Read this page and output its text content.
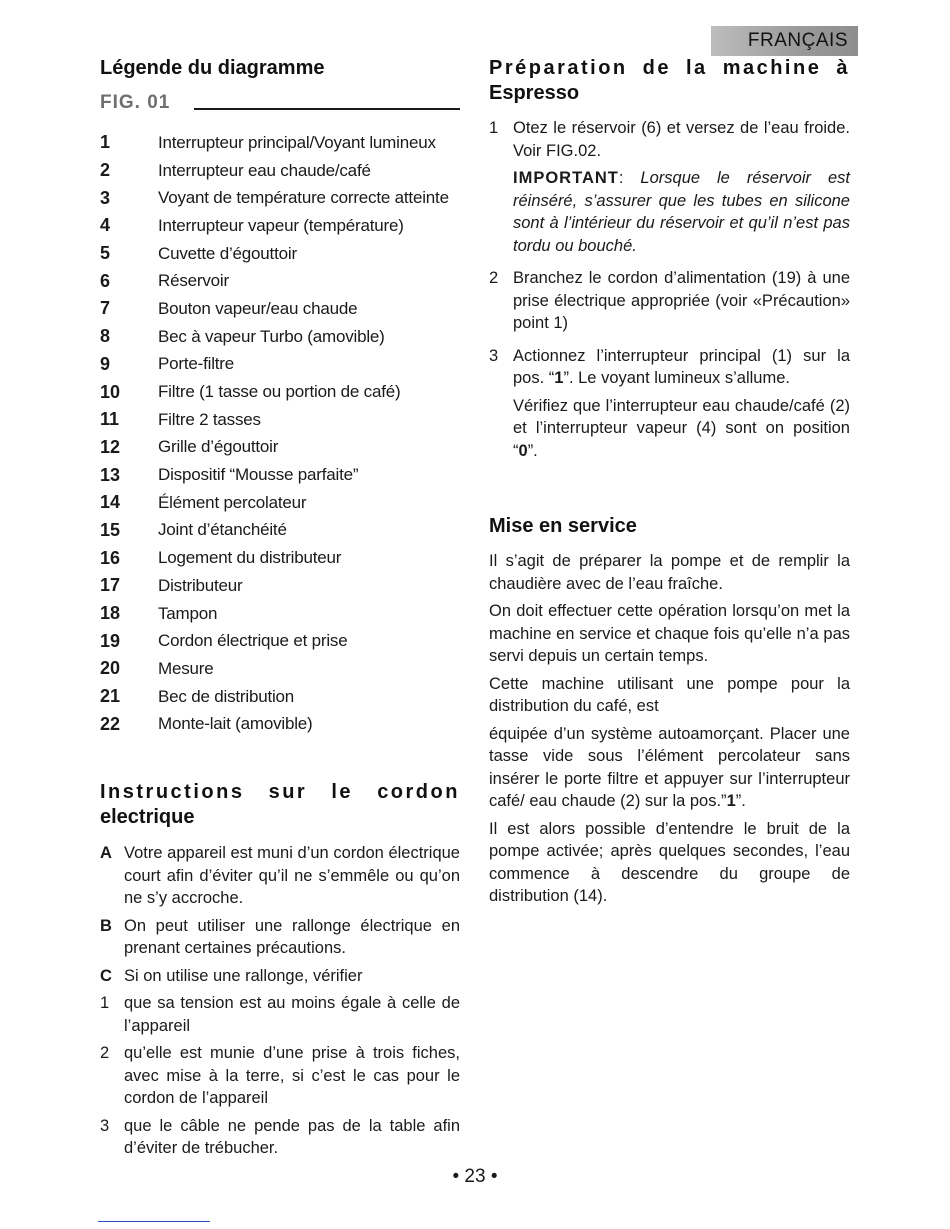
FRANÇAIS
Légende du diagramme
FIG. 01
1	Interrupteur principal/Voyant lumineux
2	Interrupteur eau chaude/café
3	Voyant de température correcte atteinte
4	Interrupteur vapeur (température)
5	Cuvette d’égouttoir
6	Réservoir
7	Bouton vapeur/eau chaude
8	Bec à vapeur Turbo (amovible)
9	Porte-filtre
10	Filtre (1 tasse ou portion de café)
11	Filtre 2 tasses
12	Grille d’égouttoir
13	Dispositif “Mousse parfaite”
14	Élément percolateur
15	Joint d’étanchéité
16	Logement du distributeur
17	Distributeur
18	Tampon
19	Cordon électrique et prise
20	Mesure
21	Bec de distribution
22	Monte-lait (amovible)
Instructions sur le cordon
electrique
A Votre appareil est muni d’un cordon électrique court afin d’éviter qu’il ne s’emmêle ou qu’on ne s’y accroche.
B On peut utiliser une rallonge électrique en prenant certaines précautions.
C Si on utilise une rallonge, vérifier
1 que sa tension est au moins égale à celle de l’appareil
2 qu’elle est munie d’une prise à trois fiches, avec mise à la terre, si c’est le cas pour le cordon de l’appareil
3 que le câble ne pende pas de la table afin d’éviter de trébucher.
Préparation de la machine à
Espresso
1 Otez le réservoir (6) et versez de l’eau froide. Voir FIG.02.

IMPORTANT: Lorsque le réservoir est réinséré, s’assurer que les tubes en silicone sont à l’intérieur du réservoir et qu’il n’est pas tordu ou bouché.

2 Branchez le cordon d’alimentation (19) à une prise électrique appropriée (voir «Précaution» point 1)

3 Actionnez l’interrupteur principal (1) sur la pos. “1”. Le voyant lumineux s’allume.

Vérifiez que l’interrupteur eau chaude/café (2) et l’interrupteur vapeur (4) sont on position “0”.

Mise en service

Il s’agit de préparer la pompe et de remplir la chaudière avec de l’eau fraîche.

On doit effectuer cette opération lorsqu’on met la machine en service et chaque fois qu’elle n’a pas servi depuis un certain temps.

Cette machine utilisant une pompe pour la distribution du café, est

équipée d’un système autoamorçant. Placer une tasse vide sous l’élément percolateur sans insérer le porte filtre et appuyer sur l’interrupteur café/ eau chaude (2) sur la pos.”1”.

Il est alors possible d’entendre le bruit de la pompe activée; après quelques secondes, l’eau commence à descendre du groupe de distribution (14).

• 23 •
